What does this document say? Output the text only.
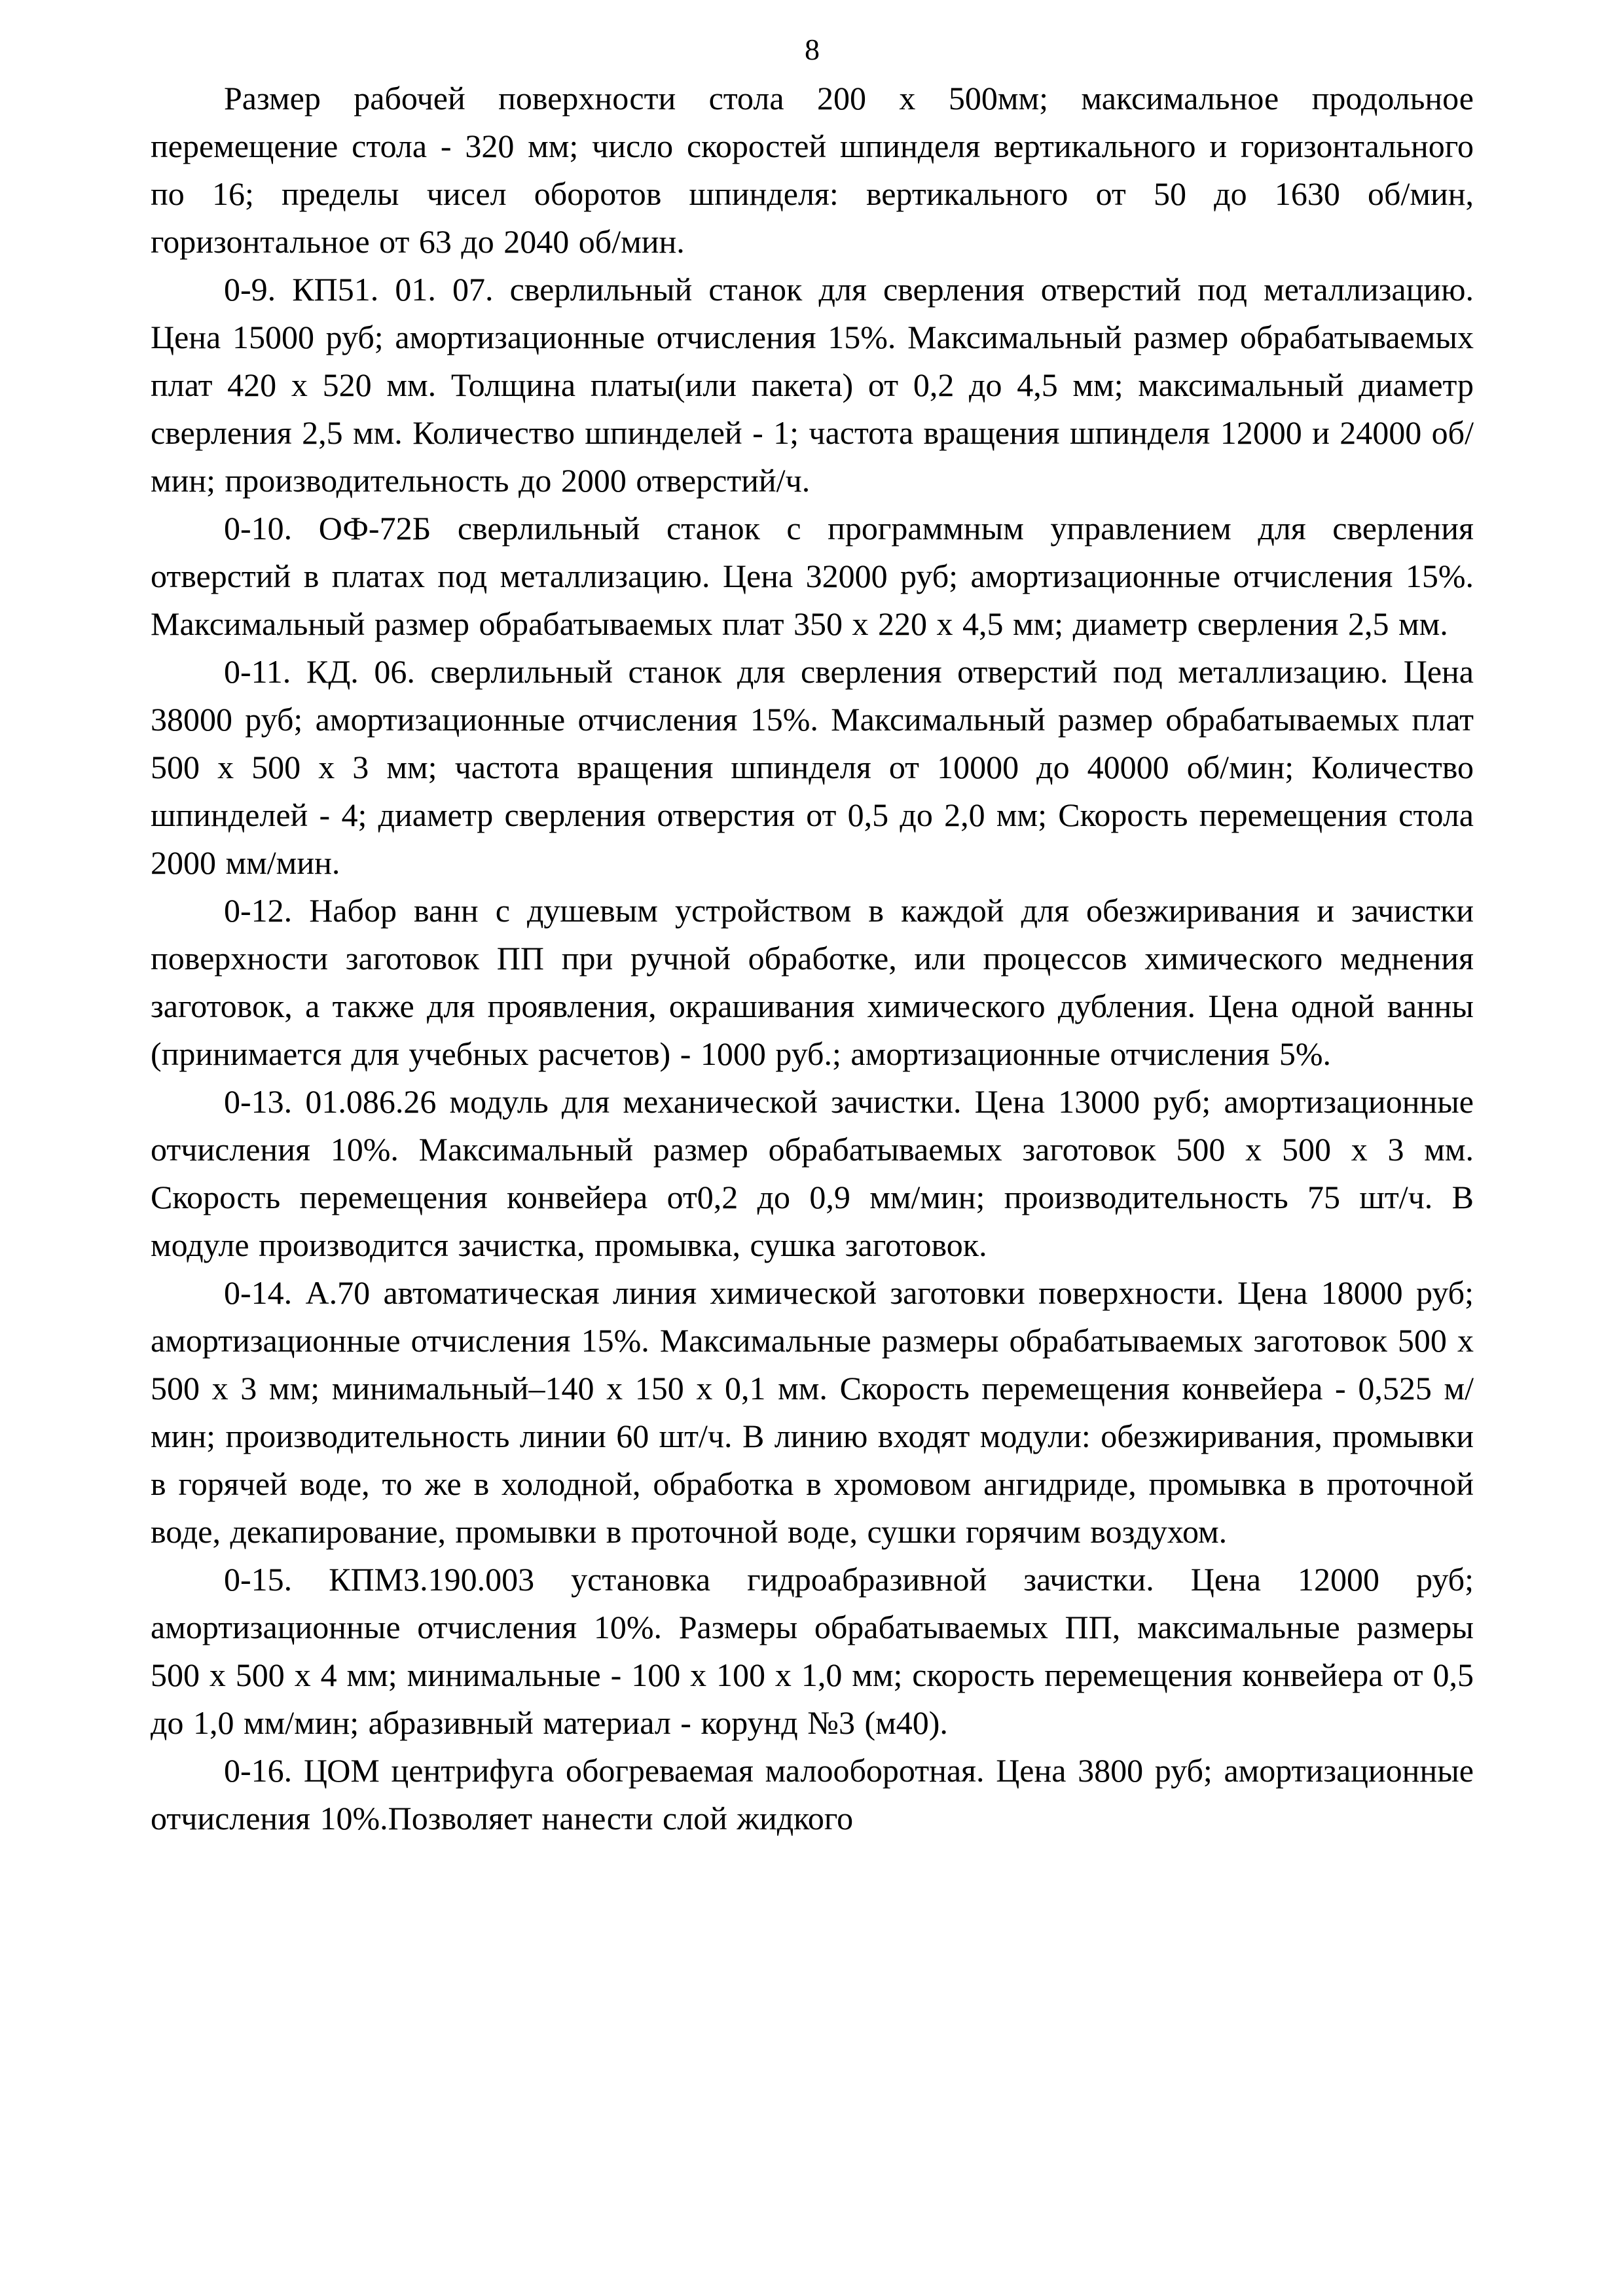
8

Размер рабочей поверхности стола 200 х 500мм; максимальное продольное перемещение стола - 320 мм; число скоростей шпинделя вертикального и горизонтального по 16; пределы чисел оборотов шпинделя: вертикального от 50 до 1630 об/мин, горизонтальное от 63 до 2040 об/мин.

0-9. КП51. 01. 07. сверлильный станок для сверления отверстий под металлизацию. Цена 15000 руб; амортизационные отчисления 15%. Максимальный размер обрабатываемых плат 420 х 520 мм. Толщина платы(или пакета) от 0,2 до 4,5 мм; максимальный диаметр сверления 2,5 мм. Количество шпинделей - 1; частота вращения шпинделя 12000 и 24000 об/мин; производительность до 2000 отверстий/ч.

0-10. ОФ-72Б сверлильный станок с программным управлением для сверления отверстий в платах под металлизацию. Цена 32000 руб; амортизационные отчисления 15%. Максимальный размер обрабатываемых плат 350 х 220 х 4,5 мм; диаметр сверления 2,5 мм.

0-11. КД. 06. сверлильный станок для сверления отверстий под металлизацию. Цена 38000 руб; амортизационные отчисления 15%. Максимальный размер обрабатываемых плат 500 х 500 х 3 мм; частота вращения шпинделя от 10000 до 40000 об/мин; Количество шпинделей - 4; диаметр сверления отверстия от 0,5 до 2,0 мм; Скорость перемещения стола 2000 мм/мин.

0-12. Набор ванн с душевым устройством в каждой для обезжиривания и зачистки поверхности заготовок ПП при ручной обработке, или процессов химического меднения заготовок, а также для проявления, окрашивания химического дубления. Цена одной ванны (принимается для учебных расчетов) - 1000 руб.; амортизационные отчисления 5%.

0-13. 01.086.26 модуль для механической зачистки. Цена 13000 руб; амортизационные отчисления 10%. Максимальный размер обрабатываемых заготовок 500 х 500 х 3 мм. Скорость перемещения конвейера от0,2 до 0,9 мм/мин; производительность 75 шт/ч. В модуле производится зачистка, промывка, сушка заготовок.

0-14. А.70 автоматическая линия химической заготовки поверхности. Цена 18000 руб; амортизационные отчисления 15%. Максимальные размеры обрабатываемых заготовок 500 х 500 х 3 мм; минимальный–140 х 150 х 0,1 мм. Скорость перемещения конвейера - 0,525 м/мин; производительность линии 60 шт/ч. В линию входят модули: обезжиривания, промывки в горячей воде, то же в холодной, обработка в хромовом ангидриде, промывка в проточной воде, декапирование, промывки в проточной воде, сушки горячим воздухом.

0-15. КПМЗ.190.003 установка гидроабразивной зачистки. Цена 12000 руб; амортизационные отчисления 10%. Размеры обрабатываемых ПП, максимальные размеры 500 х 500 х 4 мм; минимальные - 100 х 100 х 1,0 мм; скорость перемещения конвейера от 0,5 до 1,0 мм/мин; абразивный материал - корунд №3 (м40).

0-16. ЦОМ центрифуга обогреваемая малооборотная. Цена 3800 руб; амортизационные отчисления 10%.Позволяет нанести слой жидкого
